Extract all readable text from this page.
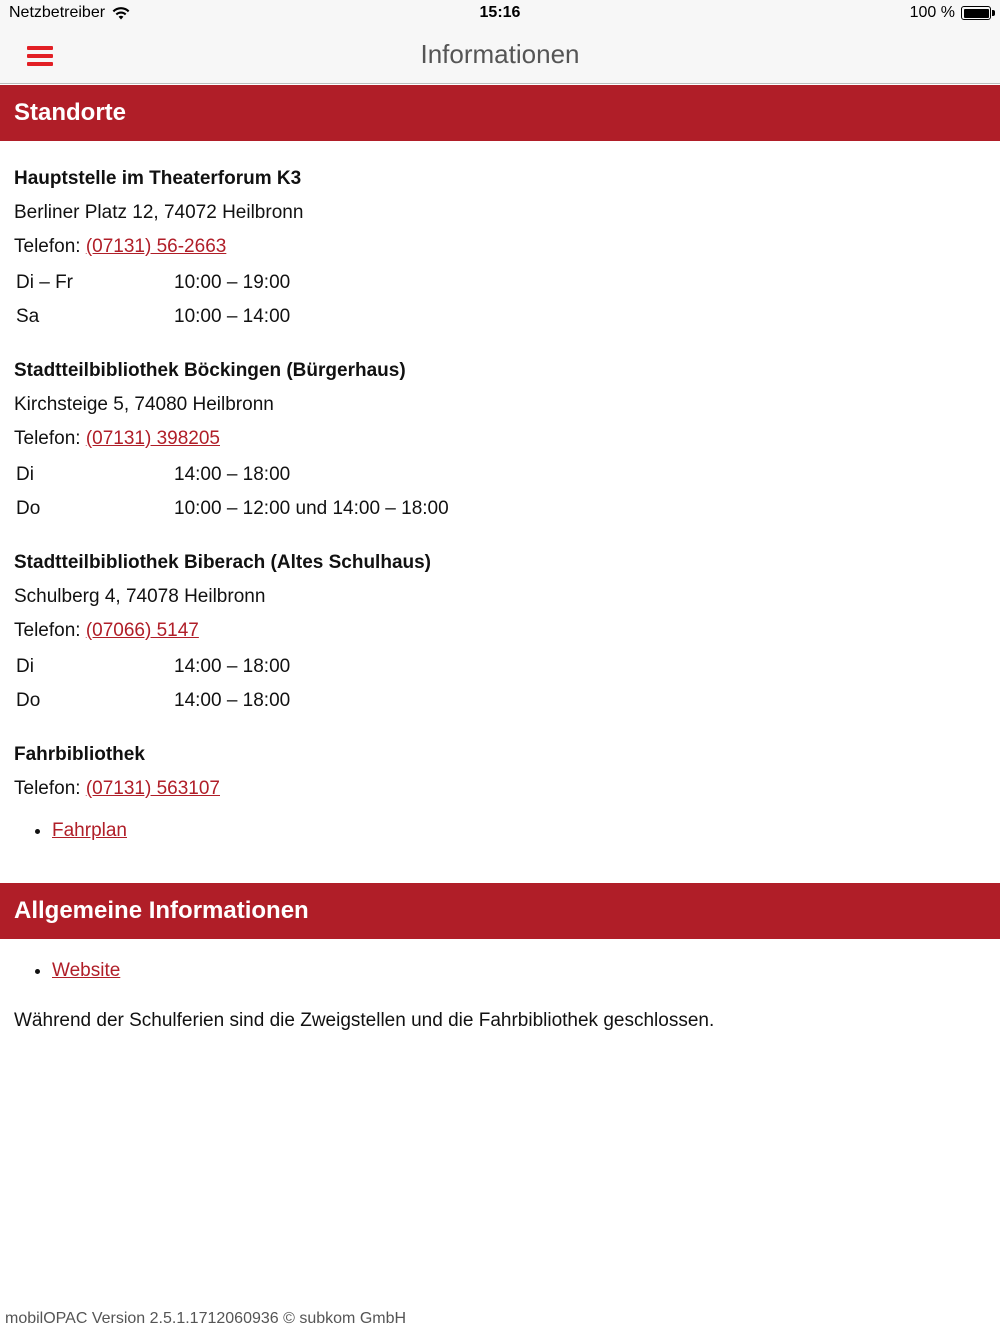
Netzbetreiber	15:16	100 %
Informationen
Standorte

Hauptstelle im Theaterforum K3

Berliner Platz 12, 74072 Heilbronn

Telefon: (07131) 56-2663

Di – Fr	10:00 – 19:00
Sa	10:00 – 14:00

Stadtteilbibliothek Böckingen (Bürgerhaus)

Kirchsteige 5, 74080 Heilbronn

Telefon: (07131) 398205

Di	14:00 – 18:00
Do	10:00 – 12:00 und 14:00 – 18:00

Stadtteilbibliothek Biberach (Altes Schulhaus)

Schulberg 4, 74078 Heilbronn

Telefon: (07066) 5147

Di	14:00 – 18:00
Do	14:00 – 18:00

Fahrbibliothek

Telefon: (07131) 563107

• Fahrplan
Allgemeine Informationen
• Website

Während der Schulferien sind die Zweigstellen und die Fahrbibliothek geschlossen.

mobilOPAC Version 2.5.1.1712060936 © subkom GmbH
